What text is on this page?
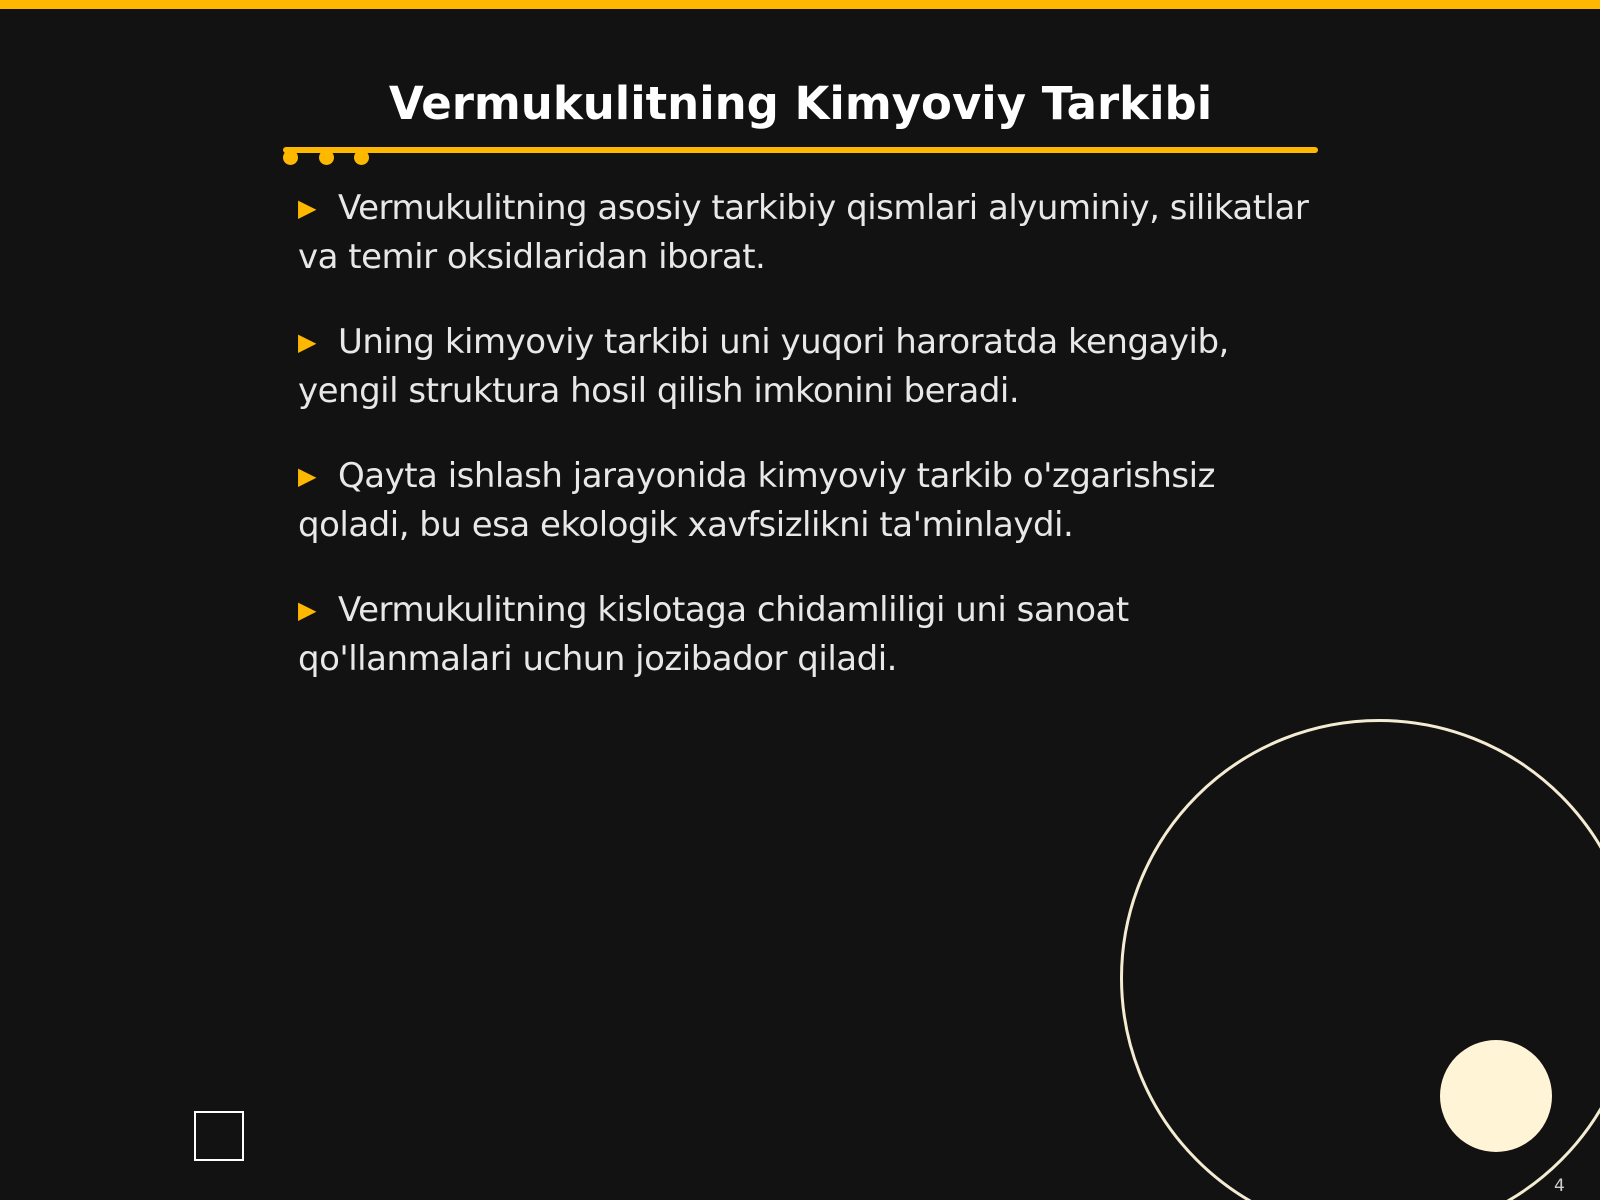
Vermukulitning Kimyoviy Tarkibi
▶ Vermukulitning asosiy tarkibiy qismlari alyuminiy, silikatlar va temir oksidlaridan iborat.
▶ Uning kimyoviy tarkibi uni yuqori haroratda kengayib, yengil struktura hosil qilish imkonini beradi.
▶ Qayta ishlash jarayonida kimyoviy tarkib o'zgarishsiz qoladi, bu esa ekologik xavfsizlikni ta'minlaydi.
▶ Vermukulitning kislotaga chidamliligi uni sanoat qo'llanmalari uchun jozibador qiladi.
4
